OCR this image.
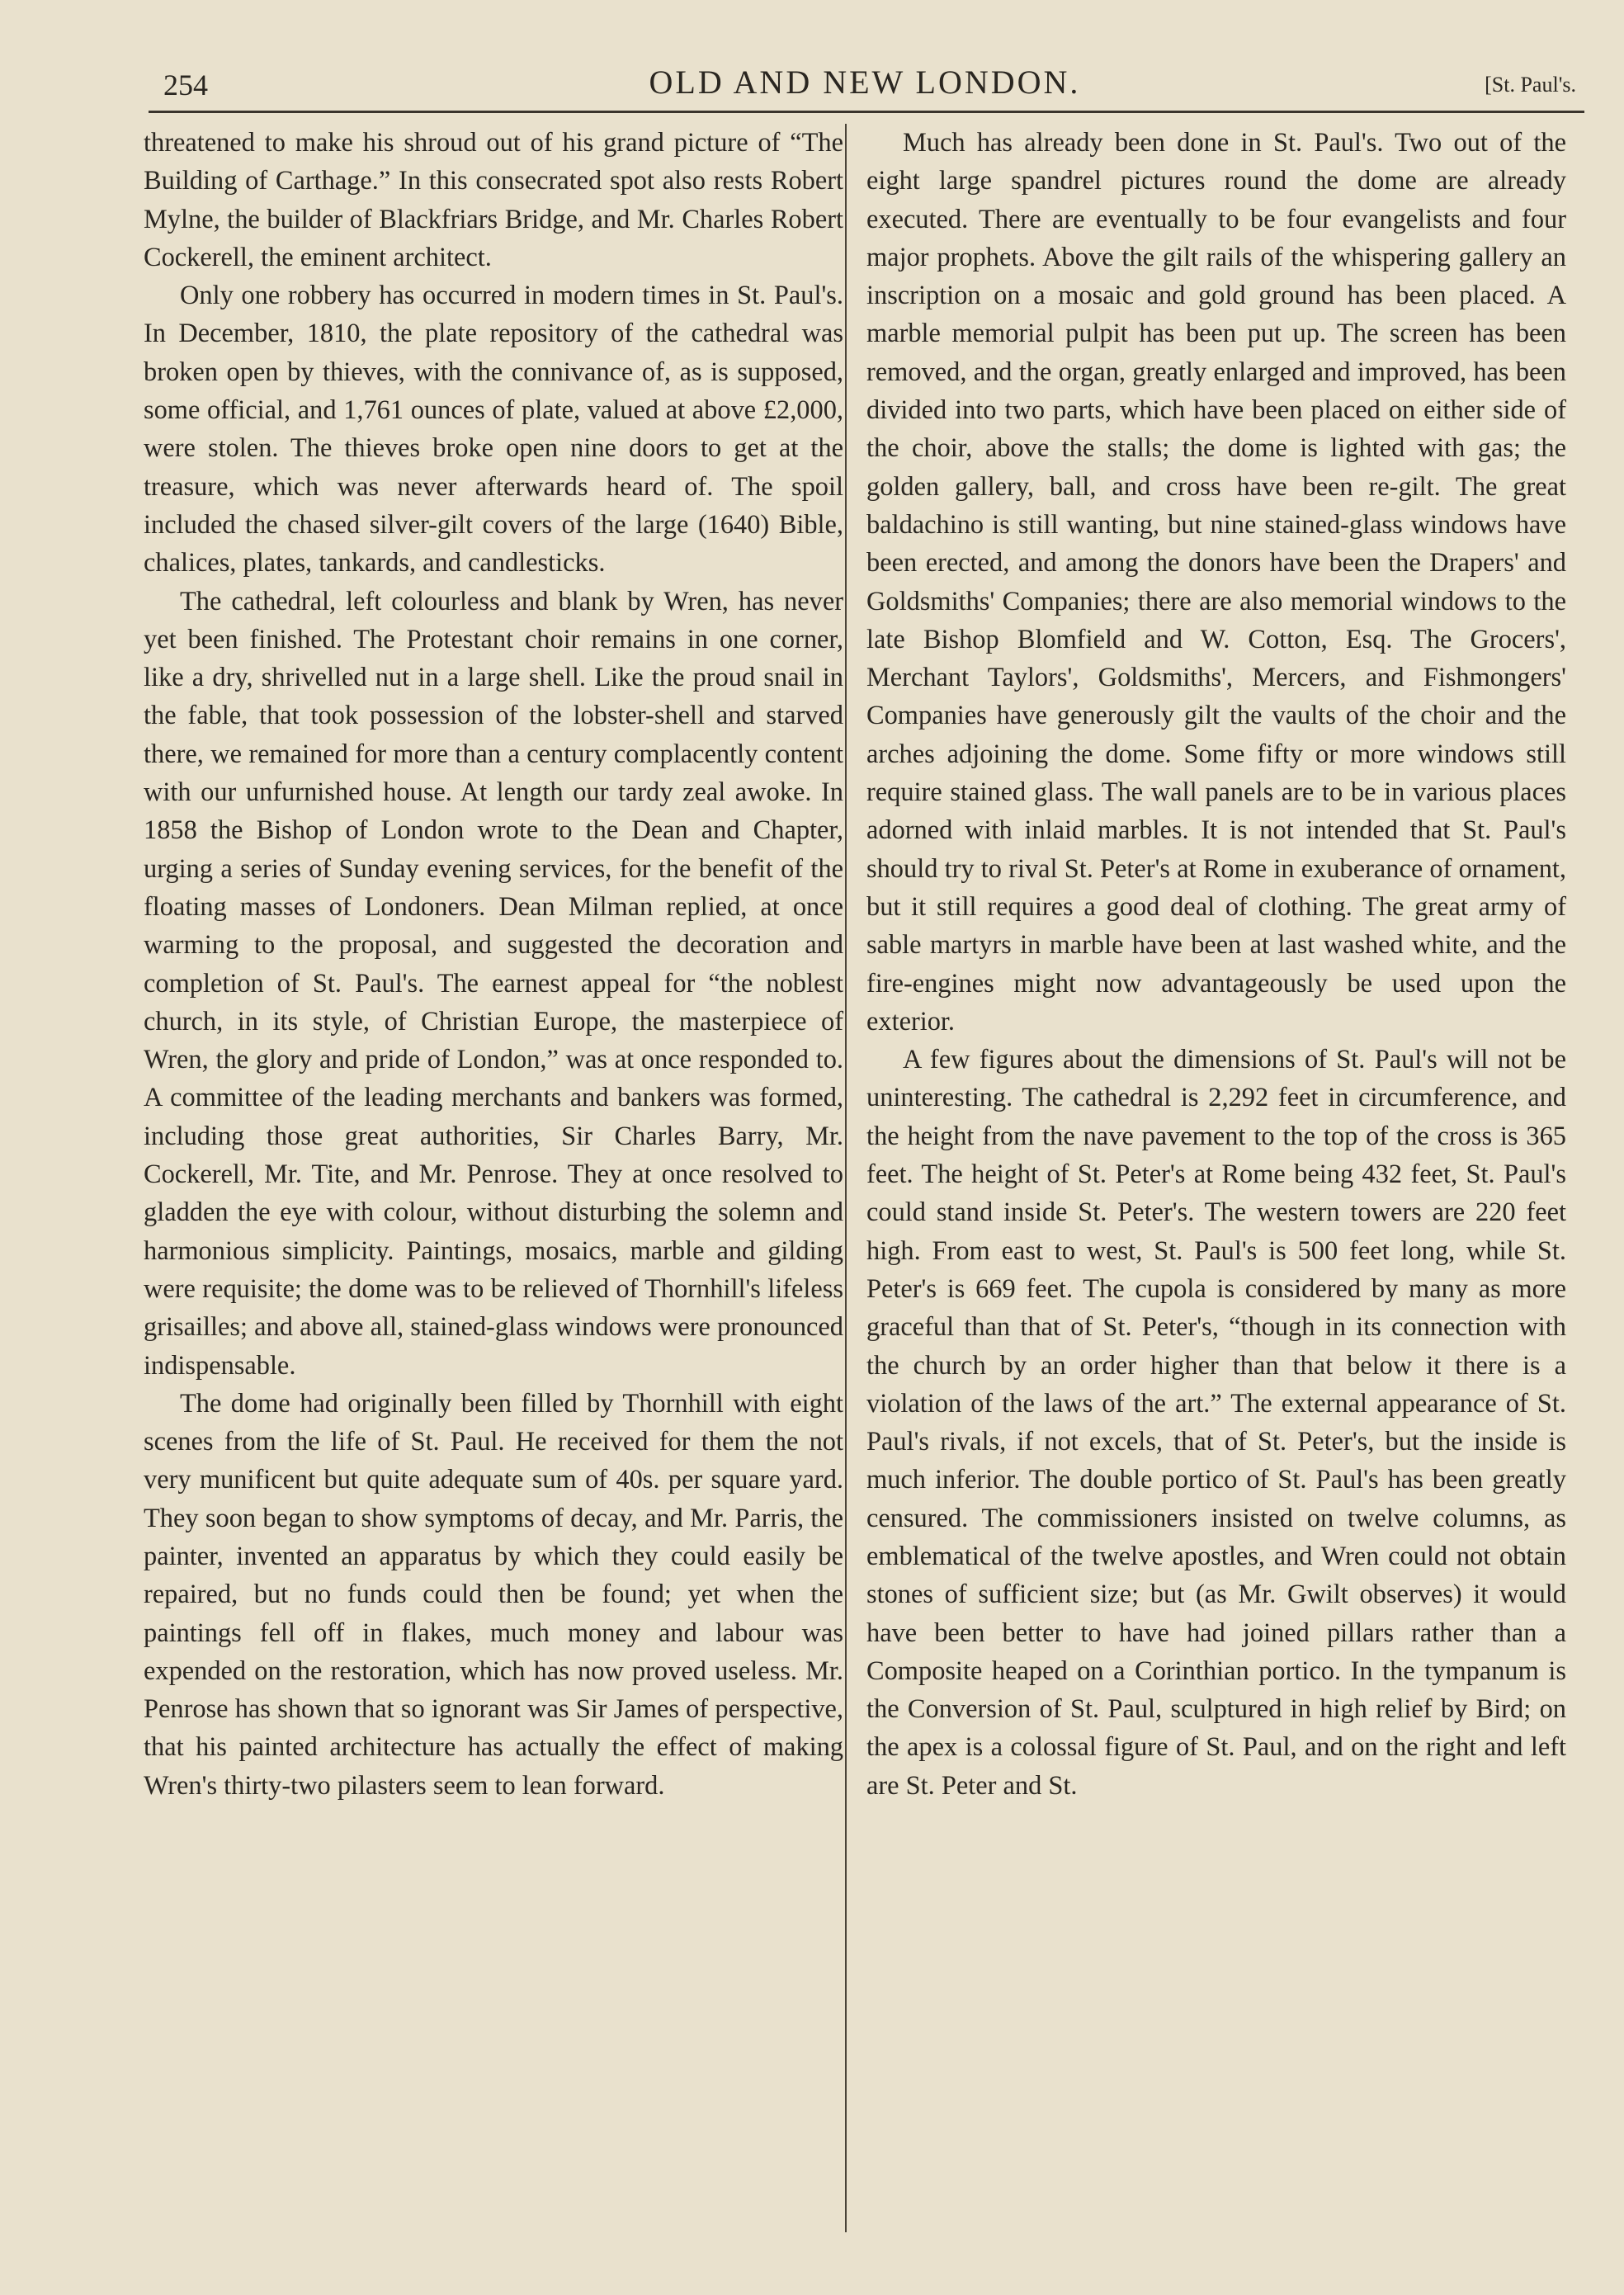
254	OLD AND NEW LONDON.	[St. Paul's.

threatened to make his shroud out of his grand picture of “The Building of Carthage.” In this consecrated spot also rests Robert Mylne, the builder of Blackfriars Bridge, and Mr. Charles Robert Cockerell, the eminent architect.

Only one robbery has occurred in modern times in St. Paul's. In December, 1810, the plate repository of the cathedral was broken open by thieves, with the connivance of, as is supposed, some official, and 1,761 ounces of plate, valued at above £2,000, were stolen. The thieves broke open nine doors to get at the treasure, which was never afterwards heard of. The spoil included the chased silver-gilt covers of the large (1640) Bible, chalices, plates, tankards, and candlesticks.

The cathedral, left colourless and blank by Wren, has never yet been finished. The Protestant choir remains in one corner, like a dry, shrivelled nut in a large shell. Like the proud snail in the fable, that took possession of the lobster-shell and starved there, we remained for more than a century complacently content with our unfurnished house. At length our tardy zeal awoke. In 1858 the Bishop of London wrote to the Dean and Chapter, urging a series of Sunday evening services, for the benefit of the floating masses of Londoners. Dean Milman replied, at once warming to the proposal, and suggested the decoration and completion of St. Paul's. The earnest appeal for “the noblest church, in its style, of Christian Europe, the masterpiece of Wren, the glory and pride of London,” was at once responded to. A committee of the leading merchants and bankers was formed, including those great authorities, Sir Charles Barry, Mr. Cockerell, Mr. Tite, and Mr. Penrose. They at once resolved to gladden the eye with colour, without disturbing the solemn and harmonious simplicity. Paintings, mosaics, marble and gilding were requisite; the dome was to be relieved of Thornhill's lifeless grisailles; and above all, stained-glass windows were pronounced indispensable.

The dome had originally been filled by Thornhill with eight scenes from the life of St. Paul. He received for them the not very munificent but quite adequate sum of 40s. per square yard. They soon began to show symptoms of decay, and Mr. Parris, the painter, invented an apparatus by which they could easily be repaired, but no funds could then be found; yet when the paintings fell off in flakes, much money and labour was expended on the restoration, which has now proved useless. Mr. Penrose has shown that so ignorant was Sir James of perspective, that his painted architecture has actually the effect of making Wren's thirty-two pilasters seem to lean forward.

Much has already been done in St. Paul's. Two out of the eight large spandrel pictures round the dome are already executed. There are eventually to be four evangelists and four major prophets. Above the gilt rails of the whispering gallery an inscription on a mosaic and gold ground has been placed. A marble memorial pulpit has been put up. The screen has been removed, and the organ, greatly enlarged and improved, has been divided into two parts, which have been placed on either side of the choir, above the stalls; the dome is lighted with gas; the golden gallery, ball, and cross have been re-gilt. The great baldachino is still wanting, but nine stained-glass windows have been erected, and among the donors have been the Drapers' and Goldsmiths' Companies; there are also memorial windows to the late Bishop Blomfield and W. Cotton, Esq. The Grocers', Merchant Taylors', Goldsmiths', Mercers, and Fishmongers' Companies have generously gilt the vaults of the choir and the arches adjoining the dome. Some fifty or more windows still require stained glass. The wall panels are to be in various places adorned with inlaid marbles. It is not intended that St. Paul's should try to rival St. Peter's at Rome in exuberance of ornament, but it still requires a good deal of clothing. The great army of sable martyrs in marble have been at last washed white, and the fire-engines might now advantageously be used upon the exterior.

A few figures about the dimensions of St. Paul's will not be uninteresting. The cathedral is 2,292 feet in circumference, and the height from the nave pavement to the top of the cross is 365 feet. The height of St. Peter's at Rome being 432 feet, St. Paul's could stand inside St. Peter's. The western towers are 220 feet high. From east to west, St. Paul's is 500 feet long, while St. Peter's is 669 feet. The cupola is considered by many as more graceful than that of St. Peter's, “though in its connection with the church by an order higher than that below it there is a violation of the laws of the art.” The external appearance of St. Paul's rivals, if not excels, that of St. Peter's, but the inside is much inferior. The double portico of St. Paul's has been greatly censured. The commissioners insisted on twelve columns, as emblematical of the twelve apostles, and Wren could not obtain stones of sufficient size; but (as Mr. Gwilt observes) it would have been better to have had joined pillars rather than a Composite heaped on a Corinthian portico. In the tympanum is the Conversion of St. Paul, sculptured in high relief by Bird; on the apex is a colossal figure of St. Paul, and on the right and left are St. Peter and St.
